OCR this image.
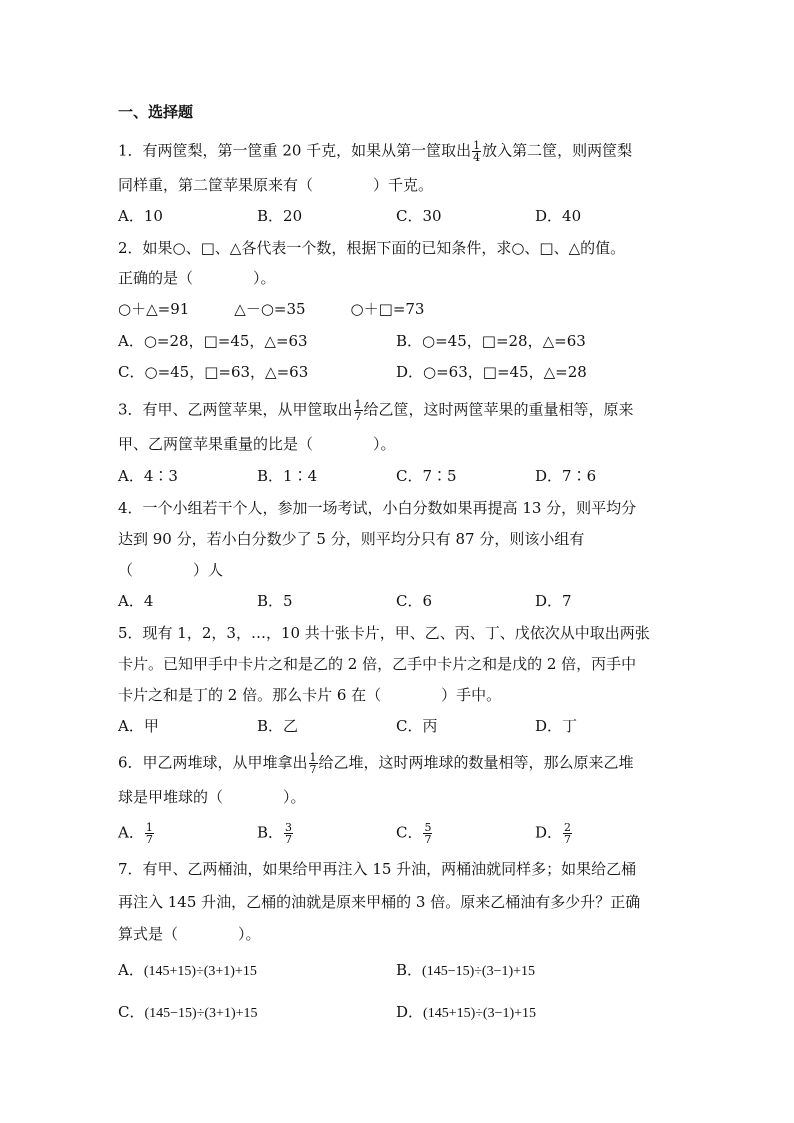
一、选择题
1．有两筐梨，第一筐重 20 千克，如果从第一筐取出 $\frac{1}{4}$ 放入第二筐，则两筐梨
同样重，第二筐苹果原来有（　　　　）千克。
A．10	B．20	C．30	D．40
2．如果○、□、△各代表一个数，根据下面的已知条件，求○、□、△的值。
正确的是（　　　　）。
○＋△=91　　　△－○=35　　　○＋□=73
A．○=28，□=45，△=63	B．○=45，□=28，△=63
C．○=45，□=63，△=63	D．○=63，□=45，△=28
3．有甲、乙两筐苹果，从甲筐取出 $\frac{1}{7}$ 给乙筐，这时两筐苹果的重量相等，原来
甲、乙两筐苹果重量的比是（　　　　）。
A．4∶3	B．1∶4	C．7∶5	D．7∶6
4．一个小组若干个人，参加一场考试，小白分数如果再提高 13 分，则平均分
达到 90 分，若小白分数少了 5 分，则平均分只有 87 分，则该小组有
（　　　　）人
A．4	B．5	C．6	D．7
5．现有 1，2，3，…，10 共十张卡片，甲、乙、丙、丁、戊依次从中取出两张
卡片。已知甲手中卡片之和是乙的 2 倍，乙手中卡片之和是戊的 2 倍，丙手中
卡片之和是丁的 2 倍。那么卡片 6 在（　　　　）手中。
A．甲	B．乙	C．丙	D．丁
6．甲乙两堆球，从甲堆拿出 $\frac{1}{7}$ 给乙堆，这时两堆球的数量相等，那么原来乙堆
球是甲堆球的（　　　　）。
A． $\frac{1}{7}$	B． $\frac{3}{7}$	C． $\frac{5}{7}$	D． $\frac{2}{7}$
7．有甲、乙两桶油，如果给甲再注入 15 升油，两桶油就同样多；如果给乙桶
再注入 145 升油，乙桶的油就是原来甲桶的 3 倍。原来乙桶油有多少升？正确
算式是（　　　　）。
A．(145+15)÷(3+1)+15	B．(145−15)÷(3−1)+15
C．(145−15)÷(3+1)+15	D．(145+15)÷(3−1)+15
